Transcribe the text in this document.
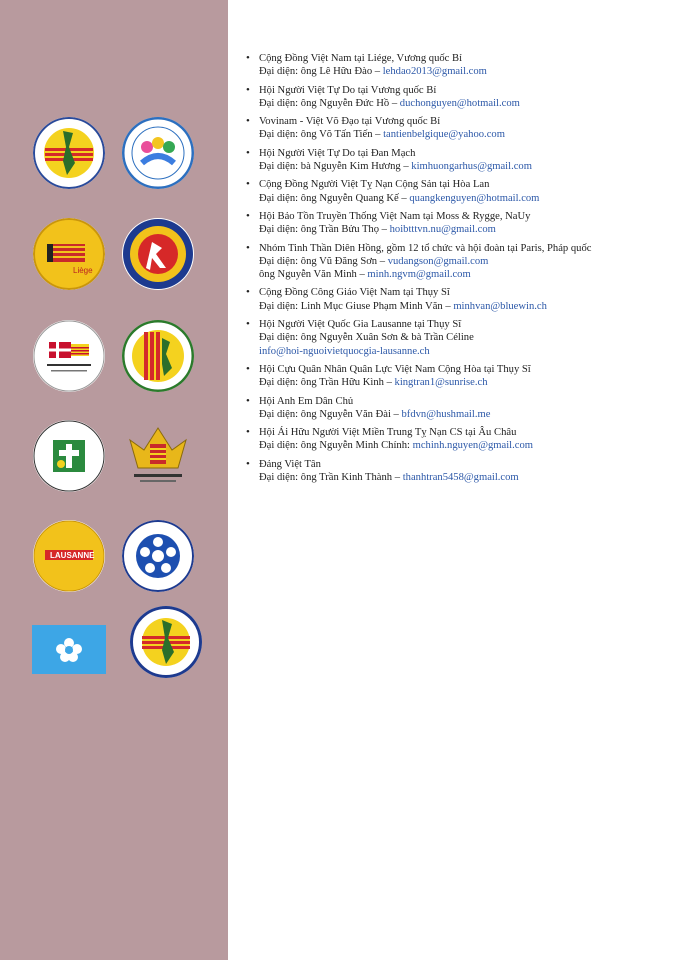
Liège
LAUSANNE
• Cộng Đồng Việt Nam tại Liége, Vương quốc Bỉ
Đại diện: ông Lê Hữu Đào – lehdao2013@gmail.com
• Hội Người Việt Tự Do tại Vương quốc Bỉ
Đại diện: ông Nguyễn Đức Hồ – duchonguyen@hotmail.com
• Vovinam - Việt Võ Đạo tại Vương quốc Bỉ
Đại diện: ông Võ Tấn Tiến – tantienbelgique@yahoo.com
• Hội Người Việt Tự Do tại Đan Mạch
Đại diện: bà Nguyễn Kim Hương – kimhuongarhus@gmail.com
• Cộng Đồng Người Việt Tỵ Nạn Cộng Sản tại Hòa Lan
Đại diện: ông Nguyễn Quang Kế – quangkenguyen@hotmail.com
• Hội Bảo Tồn Truyền Thống Việt Nam tại Moss & Rygge, NaUy
Đại diện: ông Trần Bửu Thọ – hoibtttvn.nu@gmail.com
• Nhóm Tinh Thần Diên Hồng, gồm 12 tổ chức và hội đoàn tại Paris, Pháp quốc
Đại diện: ông Vũ Đăng Sơn – vudangson@gmail.com
ông Nguyễn Văn Minh – minh.ngvm@gmail.com
• Cộng Đồng Công Giáo Việt Nam tại Thụy Sĩ
Đại diện: Linh Mục Giuse Phạm Minh Văn – minhvan@bluewin.ch
• Hội Người Việt Quốc Gia Lausanne tại Thụy Sĩ
Đại diện: ông Nguyễn Xuân Sơn & bà Trần Céline
info@hoi-nguoivietquocgia-lausanne.ch
• Hội Cựu Quân Nhân Quân Lực Việt Nam Cộng Hòa tại Thụy Sĩ
Đại diện: ông Trần Hữu Kình – kingtran1@sunrise.ch
• Hội Anh Em Dân Chủ
Đại diện: ông Nguyễn Văn Đài – bfdvn@hushmail.me
• Hội Ái Hữu Người Việt Miền Trung Tỵ Nạn CS tại Âu Châu
Đại diện: ông Nguyễn Minh Chính: mchinh.nguyen@gmail.com
• Đảng Việt Tân
Đại diện: ông Trần Kinh Thành – thanhtran5458@gmail.com
